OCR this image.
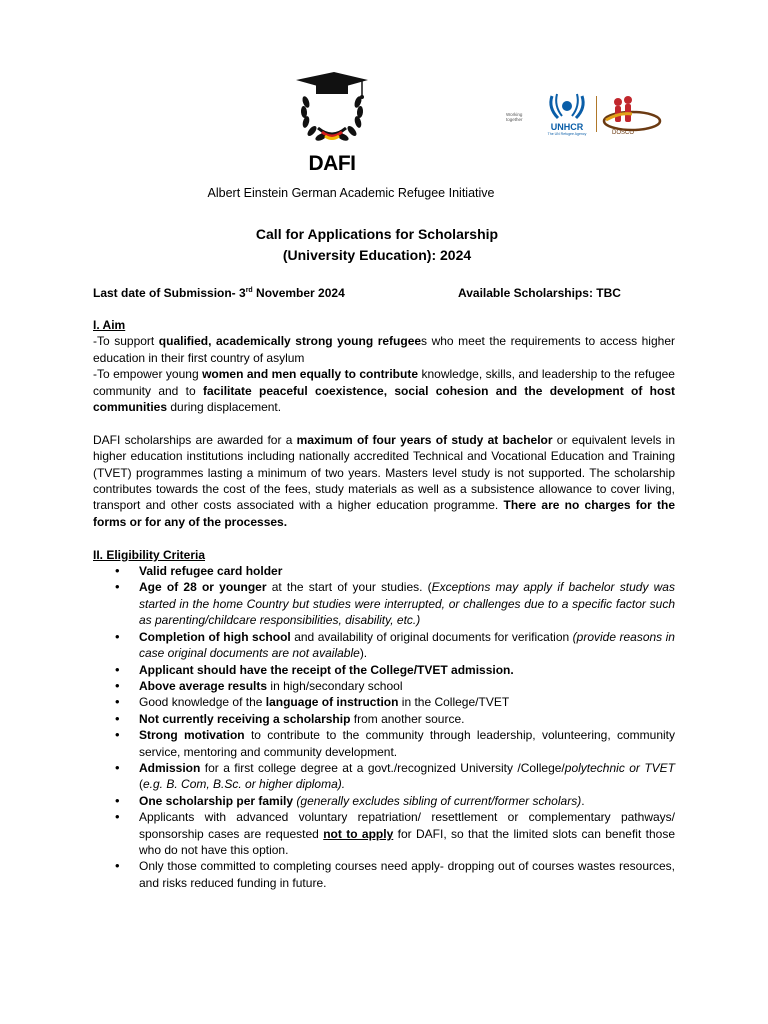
DAFI
Working together
UNHCR
The UN Refugee Agency	DOSCO
Albert Einstein German Academic Refugee Initiative
Call for Applications for Scholarship
(University Education): 2024
Last date of Submission- 3rd November 2024	Available Scholarships: TBC
I. Aim

-To support qualified, academically strong young refugees who meet the requirements to access higher education in their first country of asylum

-To empower young women and men equally to contribute knowledge, skills, and leadership to the refugee community and to facilitate peaceful coexistence, social cohesion and the development of host communities during displacement.

DAFI scholarships are awarded for a maximum of four years of study at bachelor or equivalent levels in higher education institutions including nationally accredited Technical and Vocational Education and Training (TVET) programmes lasting a minimum of two years. Masters level study is not supported. The scholarship contributes towards the cost of the fees, study materials as well as a subsistence allowance to cover living, transport and other costs associated with a higher education programme. There are no charges for the forms or for any of the processes.

II. Eligibility Criteria
• Valid refugee card holder
• Age of 28 or younger at the start of your studies. (Exceptions may apply if bachelor study was started in the home Country but studies were interrupted, or challenges due to a specific factor such as parenting/childcare responsibilities, disability, etc.)
• Completion of high school and availability of original documents for verification (provide reasons in case original documents are not available).
• Applicant should have the receipt of the College/TVET admission.
• Above average results in high/secondary school
• Good knowledge of the language of instruction in the College/TVET
• Not currently receiving a scholarship from another source.
• Strong motivation to contribute to the community through leadership, volunteering, community service, mentoring and community development.
• Admission for a first college degree at a govt./recognized University /College/polytechnic or TVET (e.g. B. Com, B.Sc. or higher diploma).
• One scholarship per family (generally excludes sibling of current/former scholars).
• Applicants with advanced voluntary repatriation/ resettlement or complementary pathways/ sponsorship cases are requested not to apply for DAFI, so that the limited slots can benefit those who do not have this option.
• Only those committed to completing courses need apply- dropping out of courses wastes resources, and risks reduced funding in future.
